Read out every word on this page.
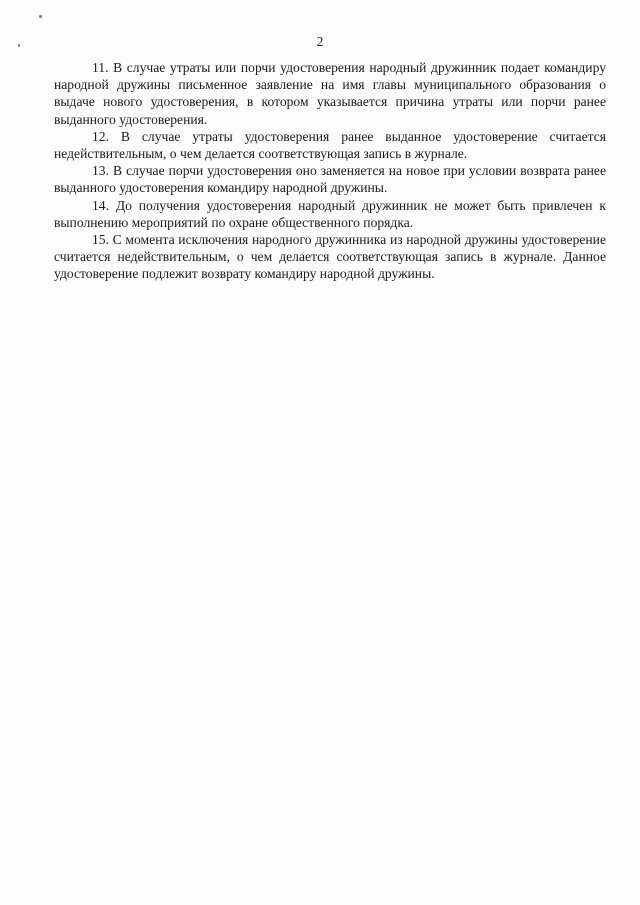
2

11. В случае утраты или порчи удостоверения народный дружинник подает командиру народной дружины письменное заявление на имя главы муниципального образования о выдаче нового удостоверения, в котором указывается причина утраты или порчи ранее выданного удостоверения.

12. В случае утраты удостоверения ранее выданное удостоверение считается недействительным, о чем делается соответствующая запись в журнале.

13. В случае порчи удостоверения оно заменяется на новое при условии возврата ранее выданного удостоверения командиру народной дружины.

14. До получения удостоверения народный дружинник не может быть привлечен к выполнению мероприятий по охране общественного порядка.

15. С момента исключения народного дружинника из народной дружины удостоверение считается недействительным, о чем делается соответствующая запись в журнале. Данное удостоверение подлежит возврату командиру народной дружины.
